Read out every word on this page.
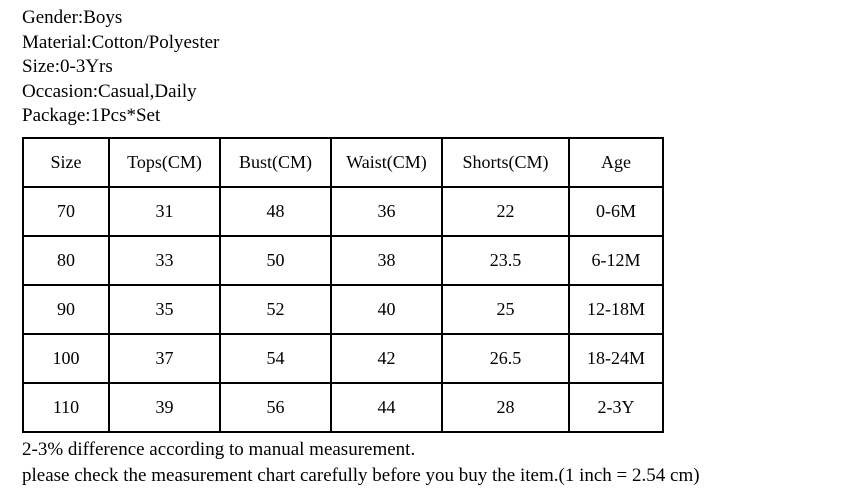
Gender:Boys
Material:Cotton/Polyester
Size:0-3Yrs
Occasion:Casual,Daily
Package:1Pcs*Set
Size	Tops(CM)	Bust(CM)	Waist(CM)	Shorts(CM)	Age
70	31	48	36	22	0-6M
80	33	50	38	23.5	6-12M
90	35	52	40	25	12-18M
100	37	54	42	26.5	18-24M
110	39	56	44	28	2-3Y

2-3% difference according to manual measurement.

please check the measurement chart carefully before you buy the item.(1 inch = 2.54 cm)
